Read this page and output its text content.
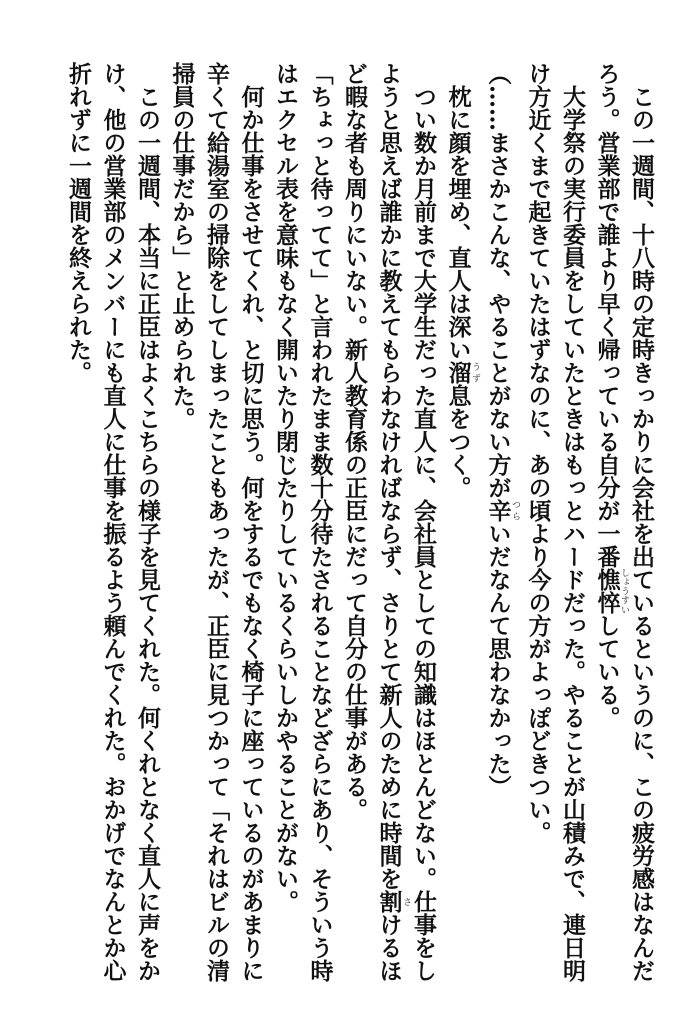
この一週間、十八時の定時きっかりに会社を出ているというのに、この疲労感はなんだろう。営業部で誰より早く帰っている自分が一番憔悴しょうすいしている。

大学祭の実行委員をしていたときはもっとハードだった。やることが山積みで、連日明け方近くまで起きていたはずなのに、あの頃より今の方がよっぽどきつい。

（……まさかこんな、やることがない方が辛つらいだなんて思わなかった）

枕に顔を埋め、直人は深い溜うず息をつく。

つい数か月前まで大学生だった直人に、会社員としての知識はほとんどない。仕事をしようと思えば誰かに教えてもらわなければならず、さりとて新人のために時間を割さけるほど暇な者も周りにいない。新人教育係の正臣にだって自分の仕事がある。

「ちょっと待ってて」と言われたまま数十分待たされることなどざらにあり、そういう時はエクセル表を意味もなく開いたり閉じたりしているくらいしかやることがない。

何か仕事をさせてくれ、と切に思う。何をするでもなく椅子に座っているのがあまりに辛くて給湯室の掃除をしてしまったこともあったが、正臣に見つかって「それはビルの清掃員の仕事だから」と止められた。

この一週間、本当に正臣はよくこちらの様子を見てくれた。何くれとなく直人に声をかけ、他の営業部のメンバーにも直人に仕事を振るよう頼んでくれた。おかげでなんとか心折れずに一週間を終えられた。
